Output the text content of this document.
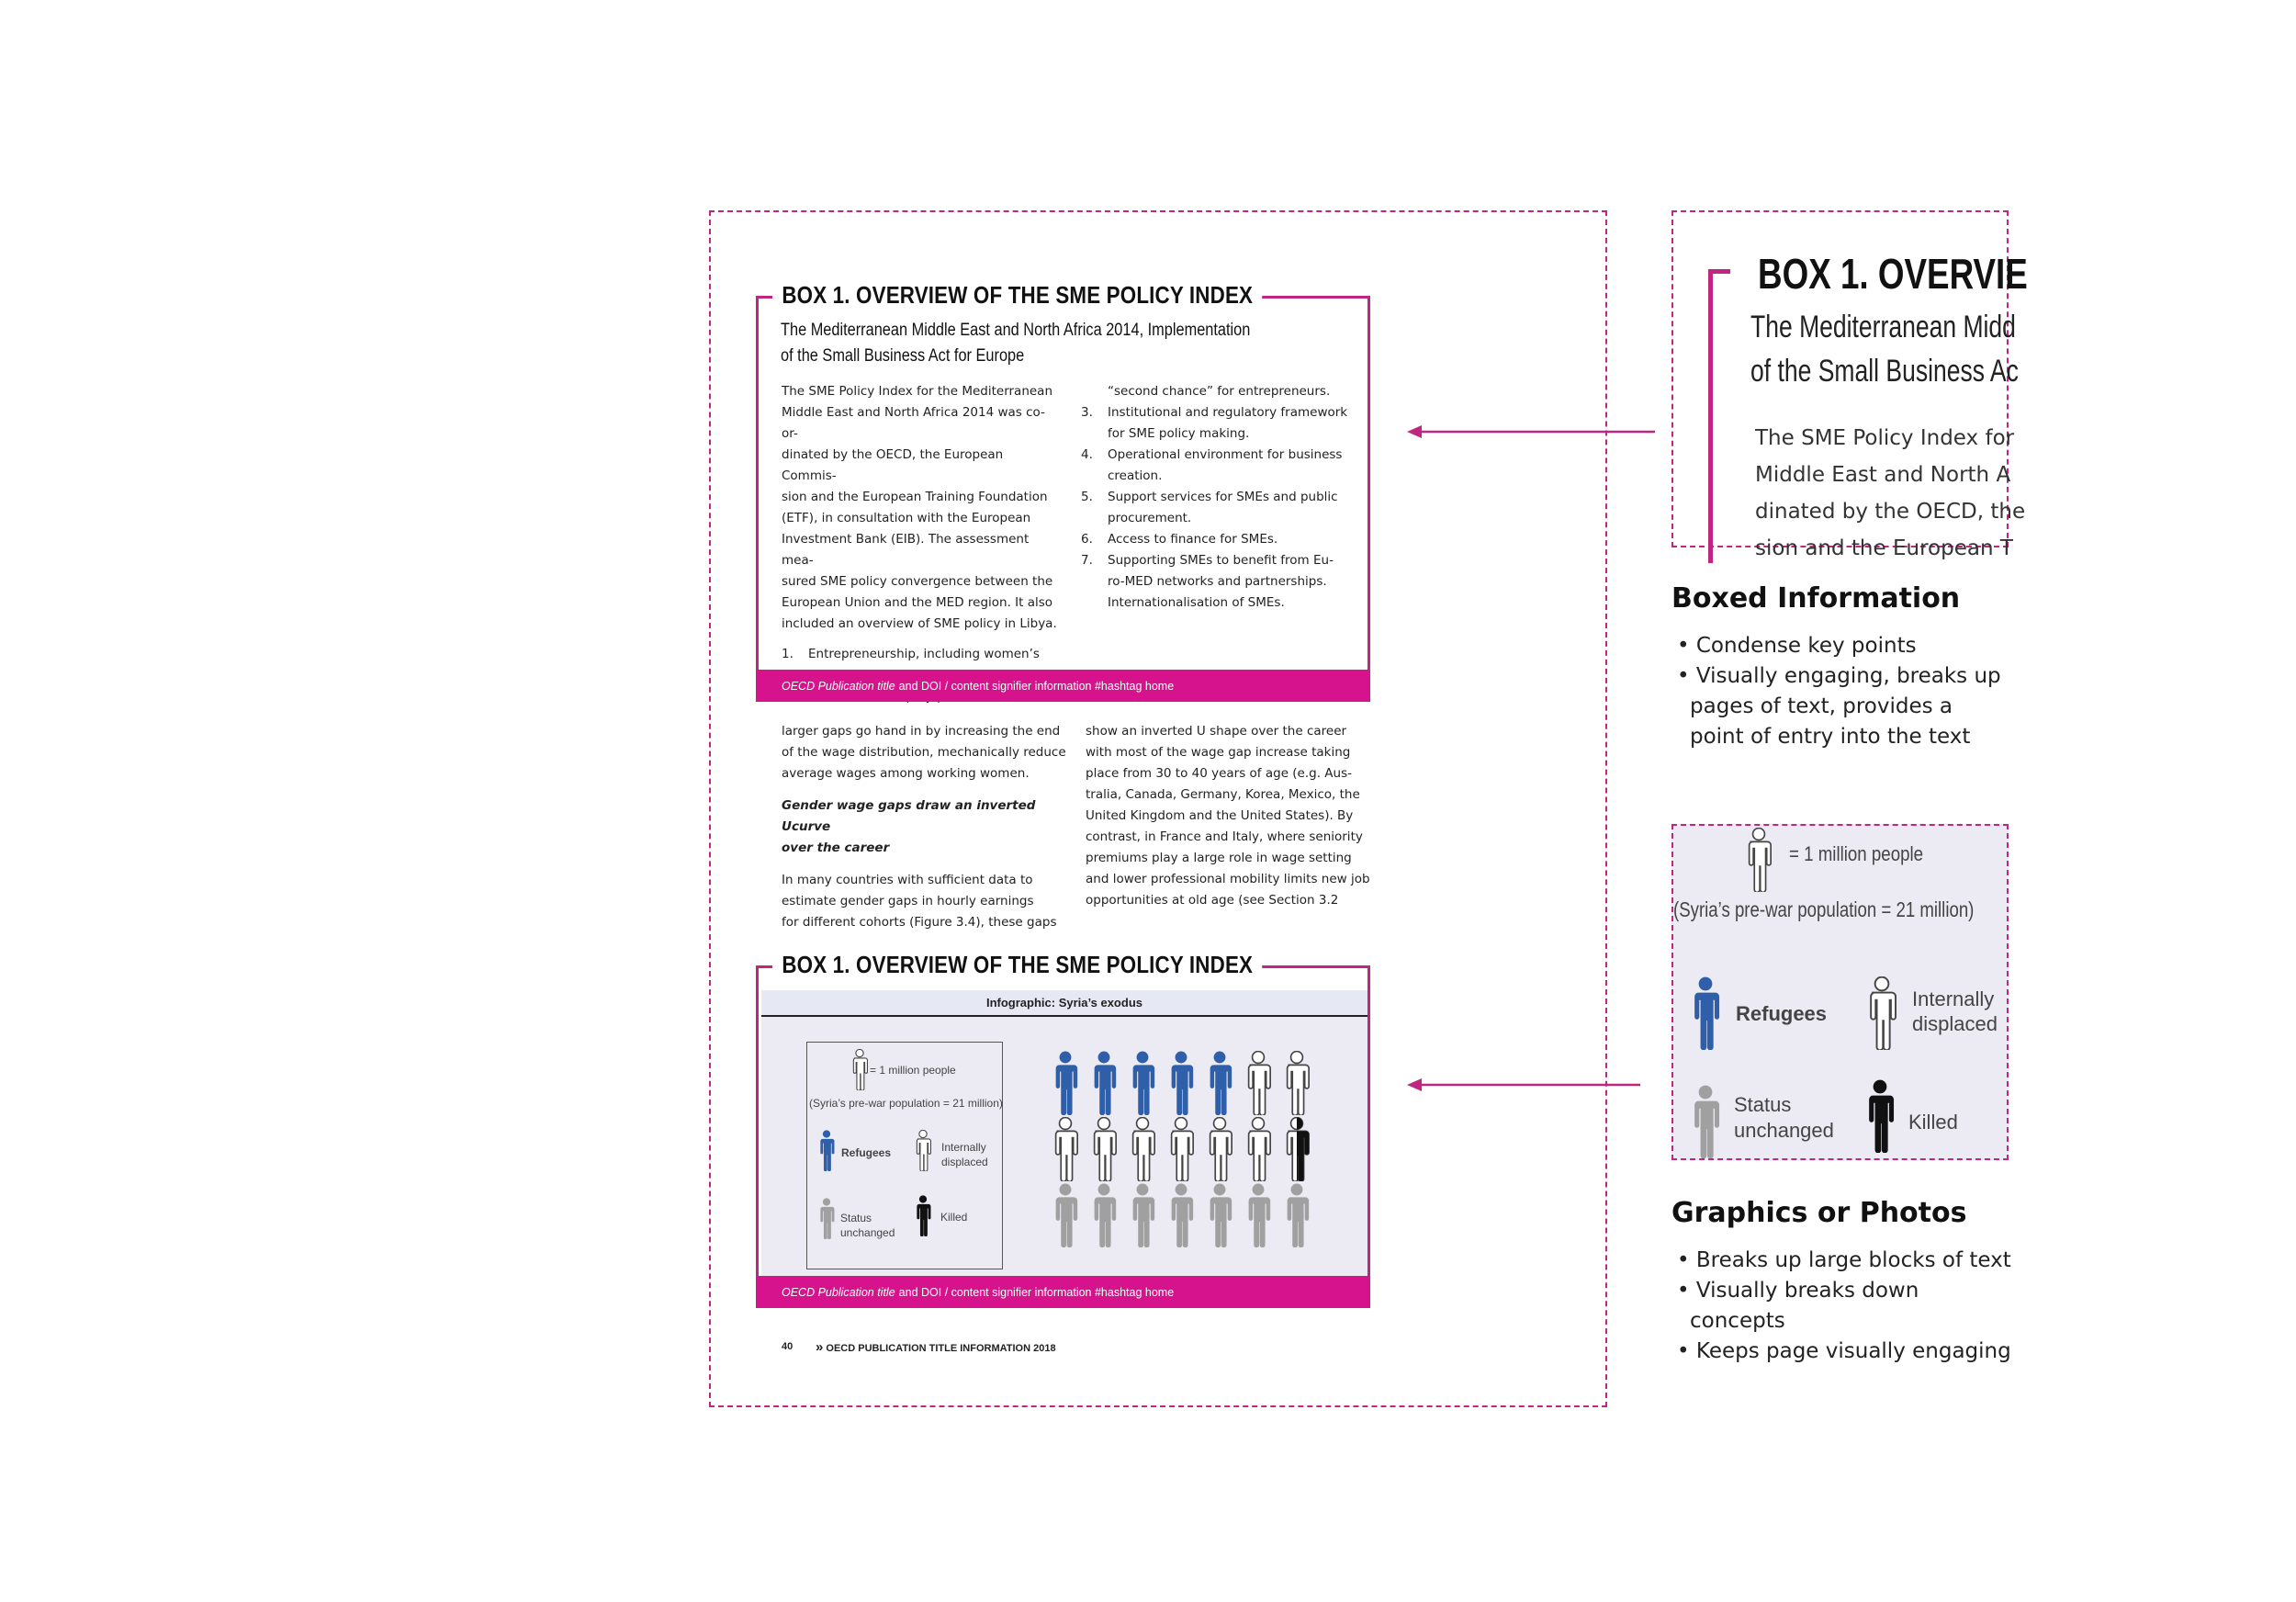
BOX 1. OVERVIEW OF THE SME POLICY INDEX
The Mediterranean Middle East and North Africa 2014, Implementation
of the Small Business Act for Europe

The SME Policy Index for the Mediterranean

Middle East and North Africa 2014 was co-or-

dinated by the OECD, the European Commis-

sion and the European Training Foundation

(ETF), in consultation with the European

Investment Bank (EIB). The assessment mea-

sured SME policy convergence between the

European Union and the MED region. It also

included an overview of SME policy in Libya.

1.	Entrepreneurship, including women’s

“second chance” for entrepreneurs.

3.	Institutional and regulatory framework

for SME policy making.

4.	Operational environment for business

creation.

5.	Support services for SMEs and public

procurement.

6.	Access to finance for SMEs.

7.	Supporting SMEs to benefit from Eu-

ro-MED networks and partnerships.

Internationalisation of SMEs.

OECD Publication title and DOI / content signifier information #hashtag home

larger gaps go hand in by increasing the end
of the wage distribution, mechanically reduce
average wages among working women.

Gender wage gaps draw an inverted Ucurve
over the career

In many countries with sufficient data to
estimate gender gaps in hourly earnings
for different cohorts (Figure 3.4), these gaps

show an inverted U shape over the career
with most of the wage gap increase taking
place from 30 to 40 years of age (e.g. Aus-
tralia, Canada, Germany, Korea, Mexico, the
United Kingdom and the United States). By
contrast, in France and Italy, where seniority
premiums play a large role in wage setting
and lower professional mobility limits new job
opportunities at old age (see Section 3.2

BOX 1. OVERVIEW OF THE SME POLICY INDEX
Infographic: Syria’s exodus
= 1 million people
(Syria’s pre-war population = 21 million)
Refugees	Internally
displaced
Status
unchanged
Killed
OECD Publication title and DOI / content signifier information #hashtag home
40 » OECD PUBLICATION TITLE INFORMATION 2018
BOX 1. OVERVIE
The Mediterranean Midd
of the Small Business Ac
The SME Policy Index for
Middle East and North A
dinated by the OECD, the
sion and the European T
Boxed Information
• Condense key points
• Visually engaging, breaks up pages of text, provides a point of entry into the text
= 1 million people
(Syria’s pre-war population = 21 million)
Refugees
Internally
displaced
Status
unchanged	Killed
Graphics or Photos
• Breaks up large blocks of text
• Visually breaks down concepts
• Keeps page visually engaging
